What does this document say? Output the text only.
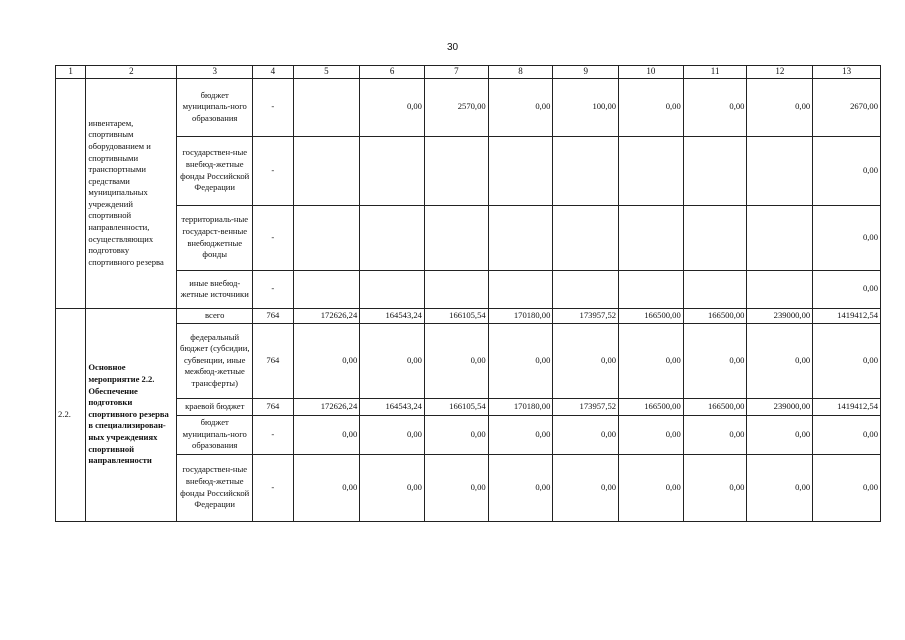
30
1	2	3	4	5	6	7	8	9	10	11	12	13
	инвентарем, спортивным оборудованием и спортивными транспортными средствами муниципальных учреждений спортивной направленности, осуществляющих подготовку спортивного резерва	бюджет муниципаль-ного образования	-		0,00	2570,00	0,00	100,00	0,00	0,00	0,00	2670,00
		государствен-ные внебюд-жетные фонды Российской Федерации	-									0,00
		территориаль-ные государст-венные внебюджетные фонды	-									0,00
		иные внебюд-жетные источники	-									0,00
2.2.	Основное мероприятие 2.2. Обеспечение подготовки спортивного резерва в специализирован-ных учреждениях спортивной направленности	всего	764	172626,24	164543,24	166105,54	170180,00	173957,52	166500,00	166500,00	239000,00	1419412,54
		федеральный бюджет (субсидии, субвенции, иные межбюд-жетные трансферты)	764	0,00	0,00	0,00	0,00	0,00	0,00	0,00	0,00	0,00
		краевой бюджет	764	172626,24	164543,24	166105,54	170180,00	173957,52	166500,00	166500,00	239000,00	1419412,54
		бюджет муниципаль-ного образования	-	0,00	0,00	0,00	0,00	0,00	0,00	0,00	0,00	0,00
		государствен-ные внебюд-жетные фонды Российской Федерации	-	0,00	0,00	0,00	0,00	0,00	0,00	0,00	0,00	0,00
